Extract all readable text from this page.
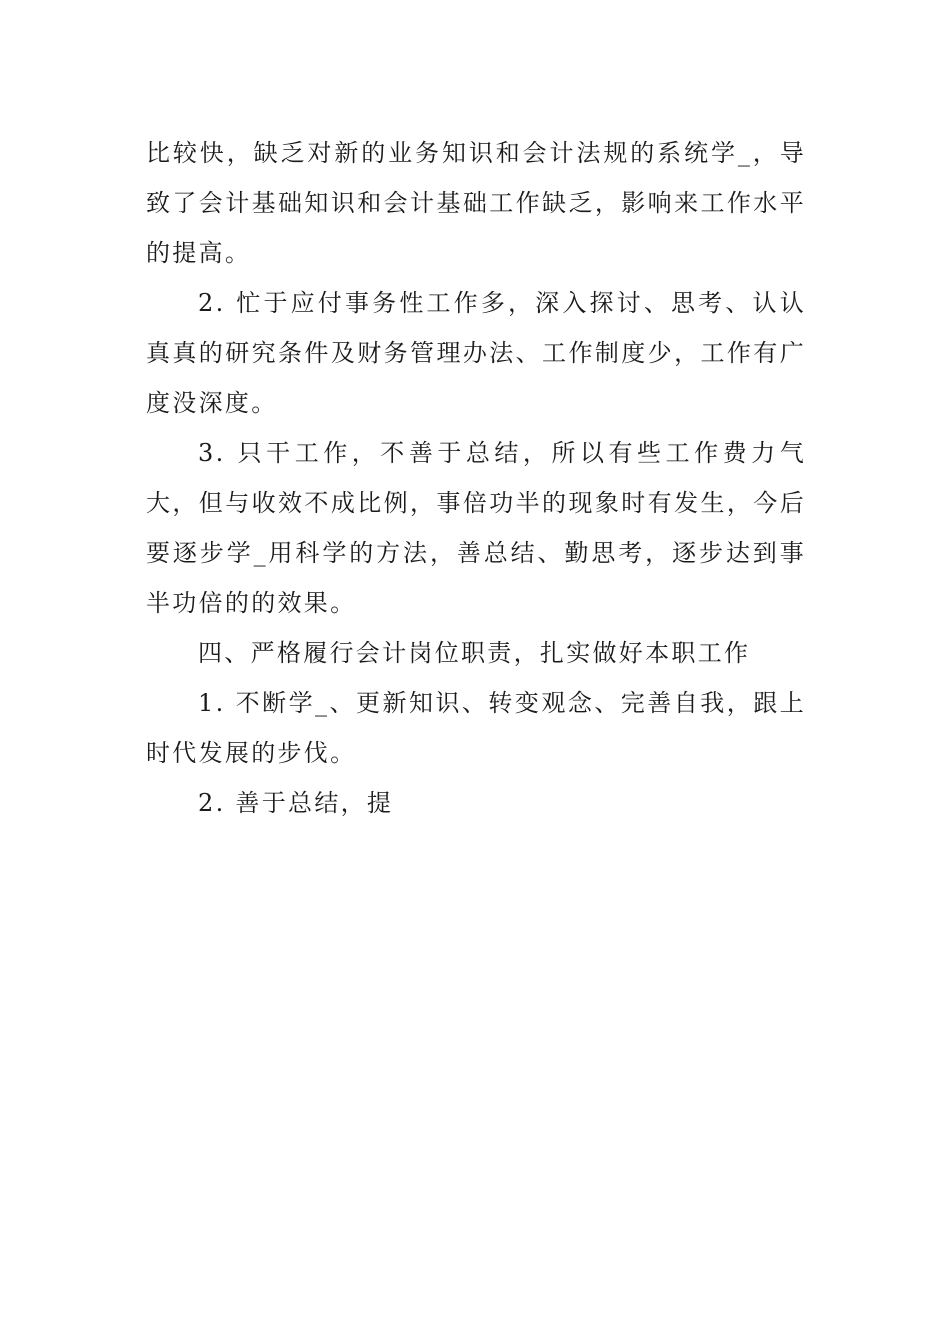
比较快，缺乏对新的业务知识和会计法规的系统学_，导致了会计基础知识和会计基础工作缺乏，影响来工作水平的提高。

2. 忙于应付事务性工作多，深入探讨、思考、认认真真的研究条件及财务管理办法、工作制度少，工作有广度没深度。

3. 只干工作，不善于总结，所以有些工作费力气大，但与收效不成比例，事倍功半的现象时有发生，今后要逐步学_用科学的方法，善总结、勤思考，逐步达到事半功倍的的效果。

四、严格履行会计岗位职责，扎实做好本职工作

1. 不断学_、更新知识、转变观念、完善自我，跟上时代发展的步伐。

2. 善于总结，提
